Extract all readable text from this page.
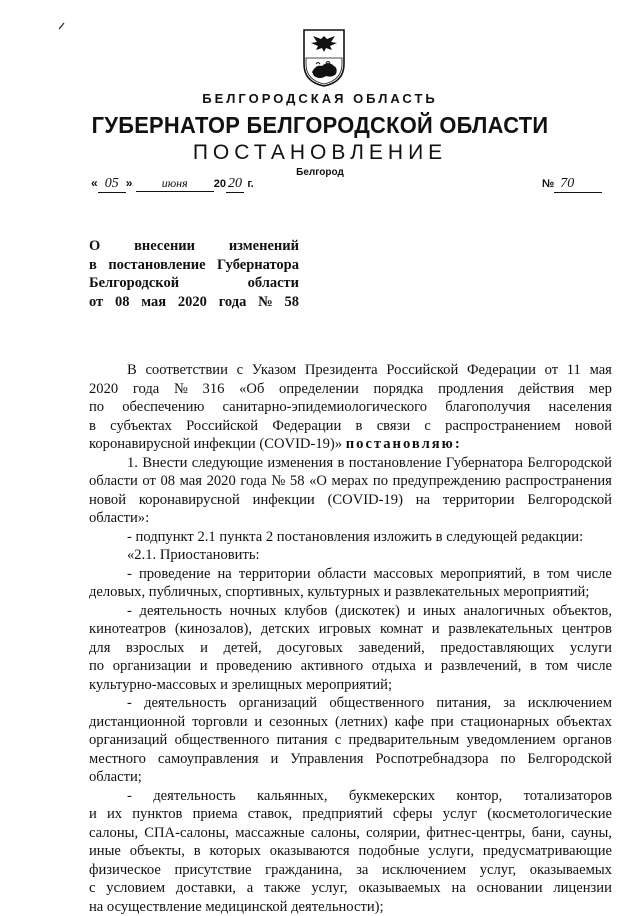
БЕЛГОРОДСКАЯ ОБЛАСТЬ
ГУБЕРНАТОР БЕЛГОРОДСКОЙ ОБЛАСТИ
ПОСТАНОВЛЕНИЕ
Белгород
« 05 » июня 20 20 г.	№ 70
О внесении изменений
в постановление Губернатора
Белгородской	области
от 08 мая 2020 года № 58
В соответствии с Указом Президента Российской Федерации от 11 мая
2020 года № 316 «Об определении порядка продления действия мер
по обеспечению санитарно-эпидемиологического благополучия населения
в субъектах Российской Федерации в связи с распространением новой
коронавирусной инфекции (COVID-19)» постановляю:
1. Внести следующие изменения в постановление Губернатора Белгородской
области от 08 мая 2020 года № 58 «О мерах по предупреждению распространения
новой коронавирусной инфекции (COVID-19) на территории Белгородской
области»:
- подпункт 2.1 пункта 2 постановления изложить в следующей редакции:
«2.1. Приостановить:
- проведение на территории области массовых мероприятий, в том числе
деловых, публичных, спортивных, культурных и развлекательных мероприятий;
- деятельность ночных клубов (дискотек) и иных аналогичных объектов,
кинотеатров (кинозалов), детских игровых комнат и развлекательных центров
для взрослых и детей, досуговых заведений, предоставляющих услуги
по организации и проведению активного отдыха и развлечений, в том числе
культурно-массовых и зрелищных мероприятий;
- деятельность организаций общественного питания, за исключением
дистанционной торговли и сезонных (летних) кафе при стационарных объектах
организаций общественного питания с предварительным уведомлением органов
местного самоуправления и Управления Роспотребнадзора по Белгородской
области;
- деятельность кальянных, букмекерских контор, тотализаторов
и их пунктов приема ставок, предприятий сферы услуг (косметологические
салоны, СПА-салоны, массажные салоны, солярии, фитнес-центры, бани, сауны,
иные объекты, в которых оказываются подобные услуги, предусматривающие
физическое присутствие гражданина, за исключением услуг, оказываемых
с условием доставки, а также услуг, оказываемых на основании лицензии
на осуществление медицинской деятельности);
